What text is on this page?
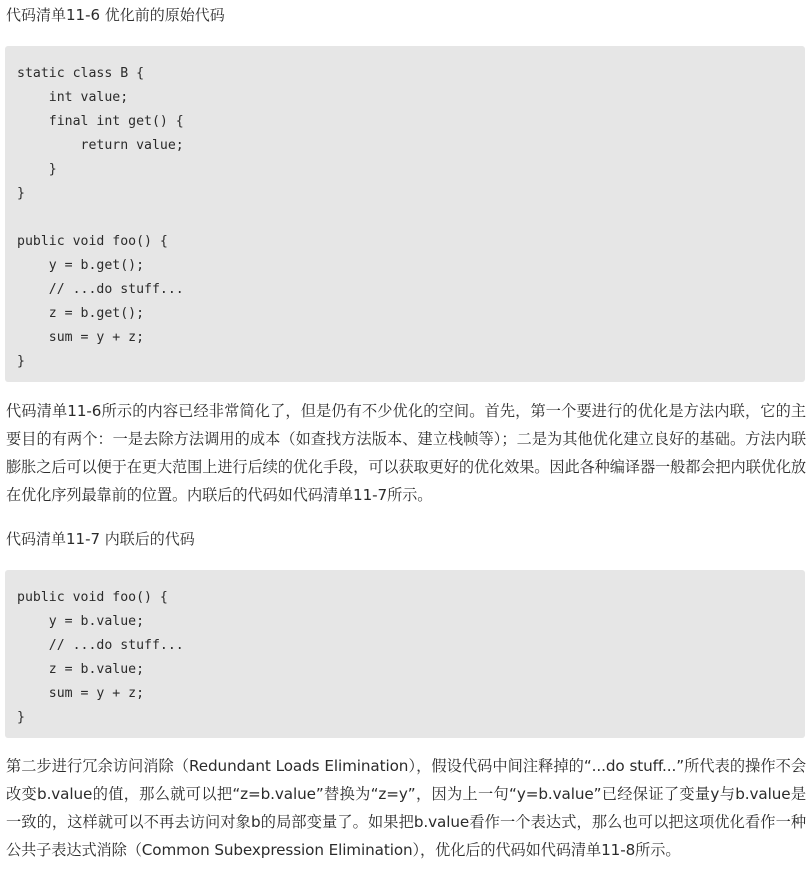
代码清单11-6 优化前的原始代码
static class B {
int value;
final int get() {
return value;
}
}
public void foo() {
y = b.get();
// ...do stuff...
z = b.get();
sum = y + z;
}
代码清单11-6所示的内容已经非常简化了，但是仍有不少优化的空间。首先，第一个要进行的优化是方法内联，它的主要目的有两个：一是去除方法调用的成本（如查找方法版本、建立栈帧等）；二是为其他优化建立良好的基础。方法内联膨胀之后可以便于在更大范围上进行后续的优化手段，可以获取更好的优化效果。因此各种编译器一般都会把内联优化放在优化序列最靠前的位置。内联后的代码如代码清单11-7所示。
代码清单11-7 内联后的代码
public void foo() {
y = b.value;
// ...do stuff...
z = b.value;
sum = y + z;
}
第二步进行冗余访问消除（Redundant Loads Elimination），假设代码中间注释掉的“...do stuff...”所代表的操作不会改变b.value的值，那么就可以把“z=b.value”替换为“z=y”，因为上一句“y=b.value”已经保证了变量y与b.value是一致的，这样就可以不再去访问对象b的局部变量了。如果把b.value看作一个表达式，那么也可以把这项优化看作一种公共子表达式消除（Common Subexpression Elimination），优化后的代码如代码清单11-8所示。
